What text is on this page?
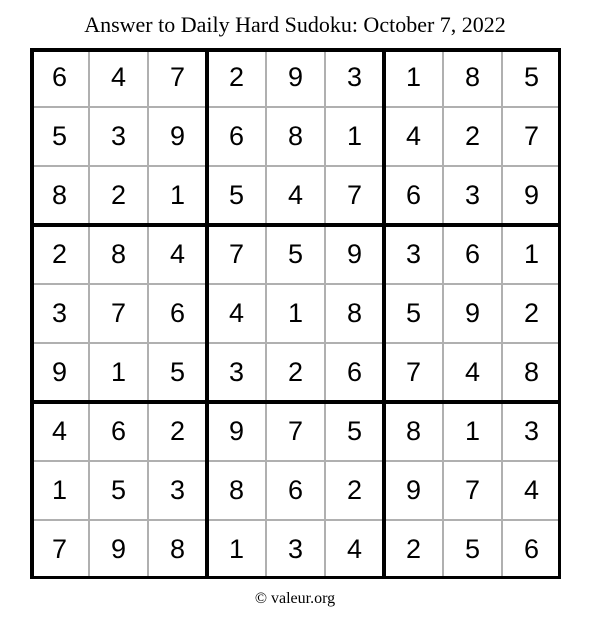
Answer to Daily Hard Sudoku: October 7, 2022
6	4	7	2	9	3	1	8	5
5	3	9	6	8	1	4	2	7
8	2	1	5	4	7	6	3	9
2	8	4	7	5	9	3	6	1
3	7	6	4	1	8	5	9	2
9	1	5	3	2	6	7	4	8
4	6	2	9	7	5	8	1	3
1	5	3	8	6	2	9	7	4
7	9	8	1	3	4	2	5	6
© valeur.org
